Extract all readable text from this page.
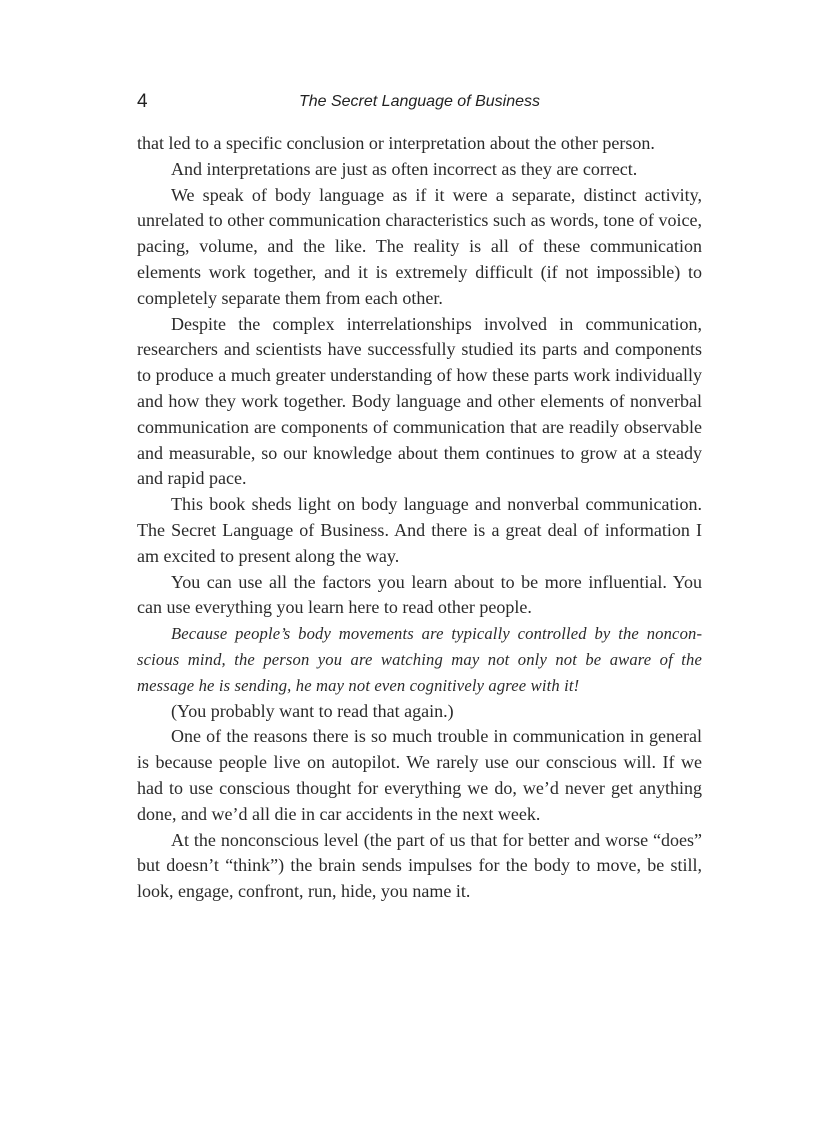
4	The Secret Language of Business

that led to a specific conclusion or interpretation about the other person.

And interpretations are just as often incorrect as they are correct.

We speak of body language as if it were a separate, distinct activity, unrelated to other communication characteristics such as words, tone of voice, pacing, volume, and the like. The reality is all of these communication elements work together, and it is extremely difficult (if not impossible) to completely separate them from each other.

Despite the complex interrelationships involved in communication, researchers and scientists have successfully studied its parts and components to produce a much greater understanding of how these parts work individually and how they work together. Body language and other elements of nonverbal communication are components of communication that are readily observable and measurable, so our knowledge about them continues to grow at a steady and rapid pace.

This book sheds light on body language and nonverbal communication. The Secret Language of Business. And there is a great deal of information I am excited to present along the way.

You can use all the factors you learn about to be more influential. You can use everything you learn here to read other people.

Because people’s body movements are typically controlled by the nonconscious mind, the person you are watching may not only not be aware of the message he is sending, he may not even cognitively agree with it!

(You probably want to read that again.)

One of the reasons there is so much trouble in communication in general is because people live on autopilot. We rarely use our conscious will. If we had to use conscious thought for everything we do, we’d never get anything done, and we’d all die in car accidents in the next week.

At the nonconscious level (the part of us that for better and worse “does” but doesn’t “think”) the brain sends impulses for the body to move, be still, look, engage, confront, run, hide, you name it.
